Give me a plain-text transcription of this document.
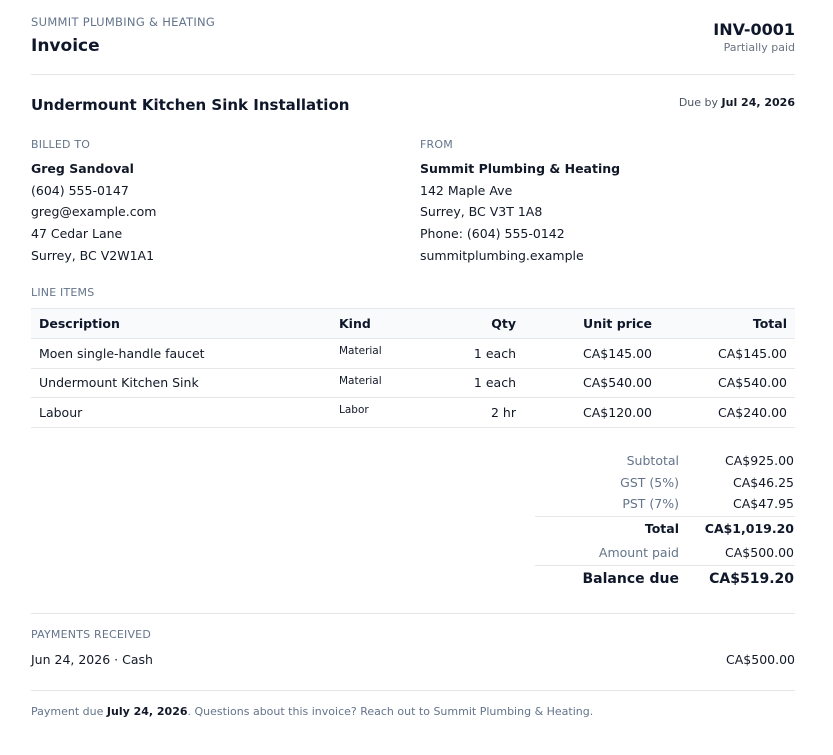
SUMMIT PLUMBING & HEATING
Invoice
INV-0001
Partially paid
Undermount Kitchen Sink Installation	Due by Jul 24, 2026
BILLED TO
Greg Sandoval
(604) 555-0147
greg@example.com
47 Cedar Lane
Surrey, BC V2W1A1
FROM
Summit Plumbing & Heating
142 Maple Ave
Surrey, BC V3T 1A8
Phone: (604) 555-0142
summitplumbing.example
LINE ITEMS
Description	Kind	Qty	Unit price	Total
Moen single-handle faucet	Material	1 each	CA$145.00	CA$145.00
Undermount Kitchen Sink	Material	1 each	CA$540.00	CA$540.00
Labour	Labor	2 hr	CA$120.00	CA$240.00
Subtotal	CA$925.00
GST (5%)	CA$46.25
PST (7%)	CA$47.95
Total CA$1,019.20
Amount paid	CA$500.00
Balance due CA$519.20
PAYMENTS RECEIVED
Jun 24, 2026 · Cash	CA$500.00
Payment due July 24, 2026. Questions about this invoice? Reach out to Summit Plumbing & Heating.
